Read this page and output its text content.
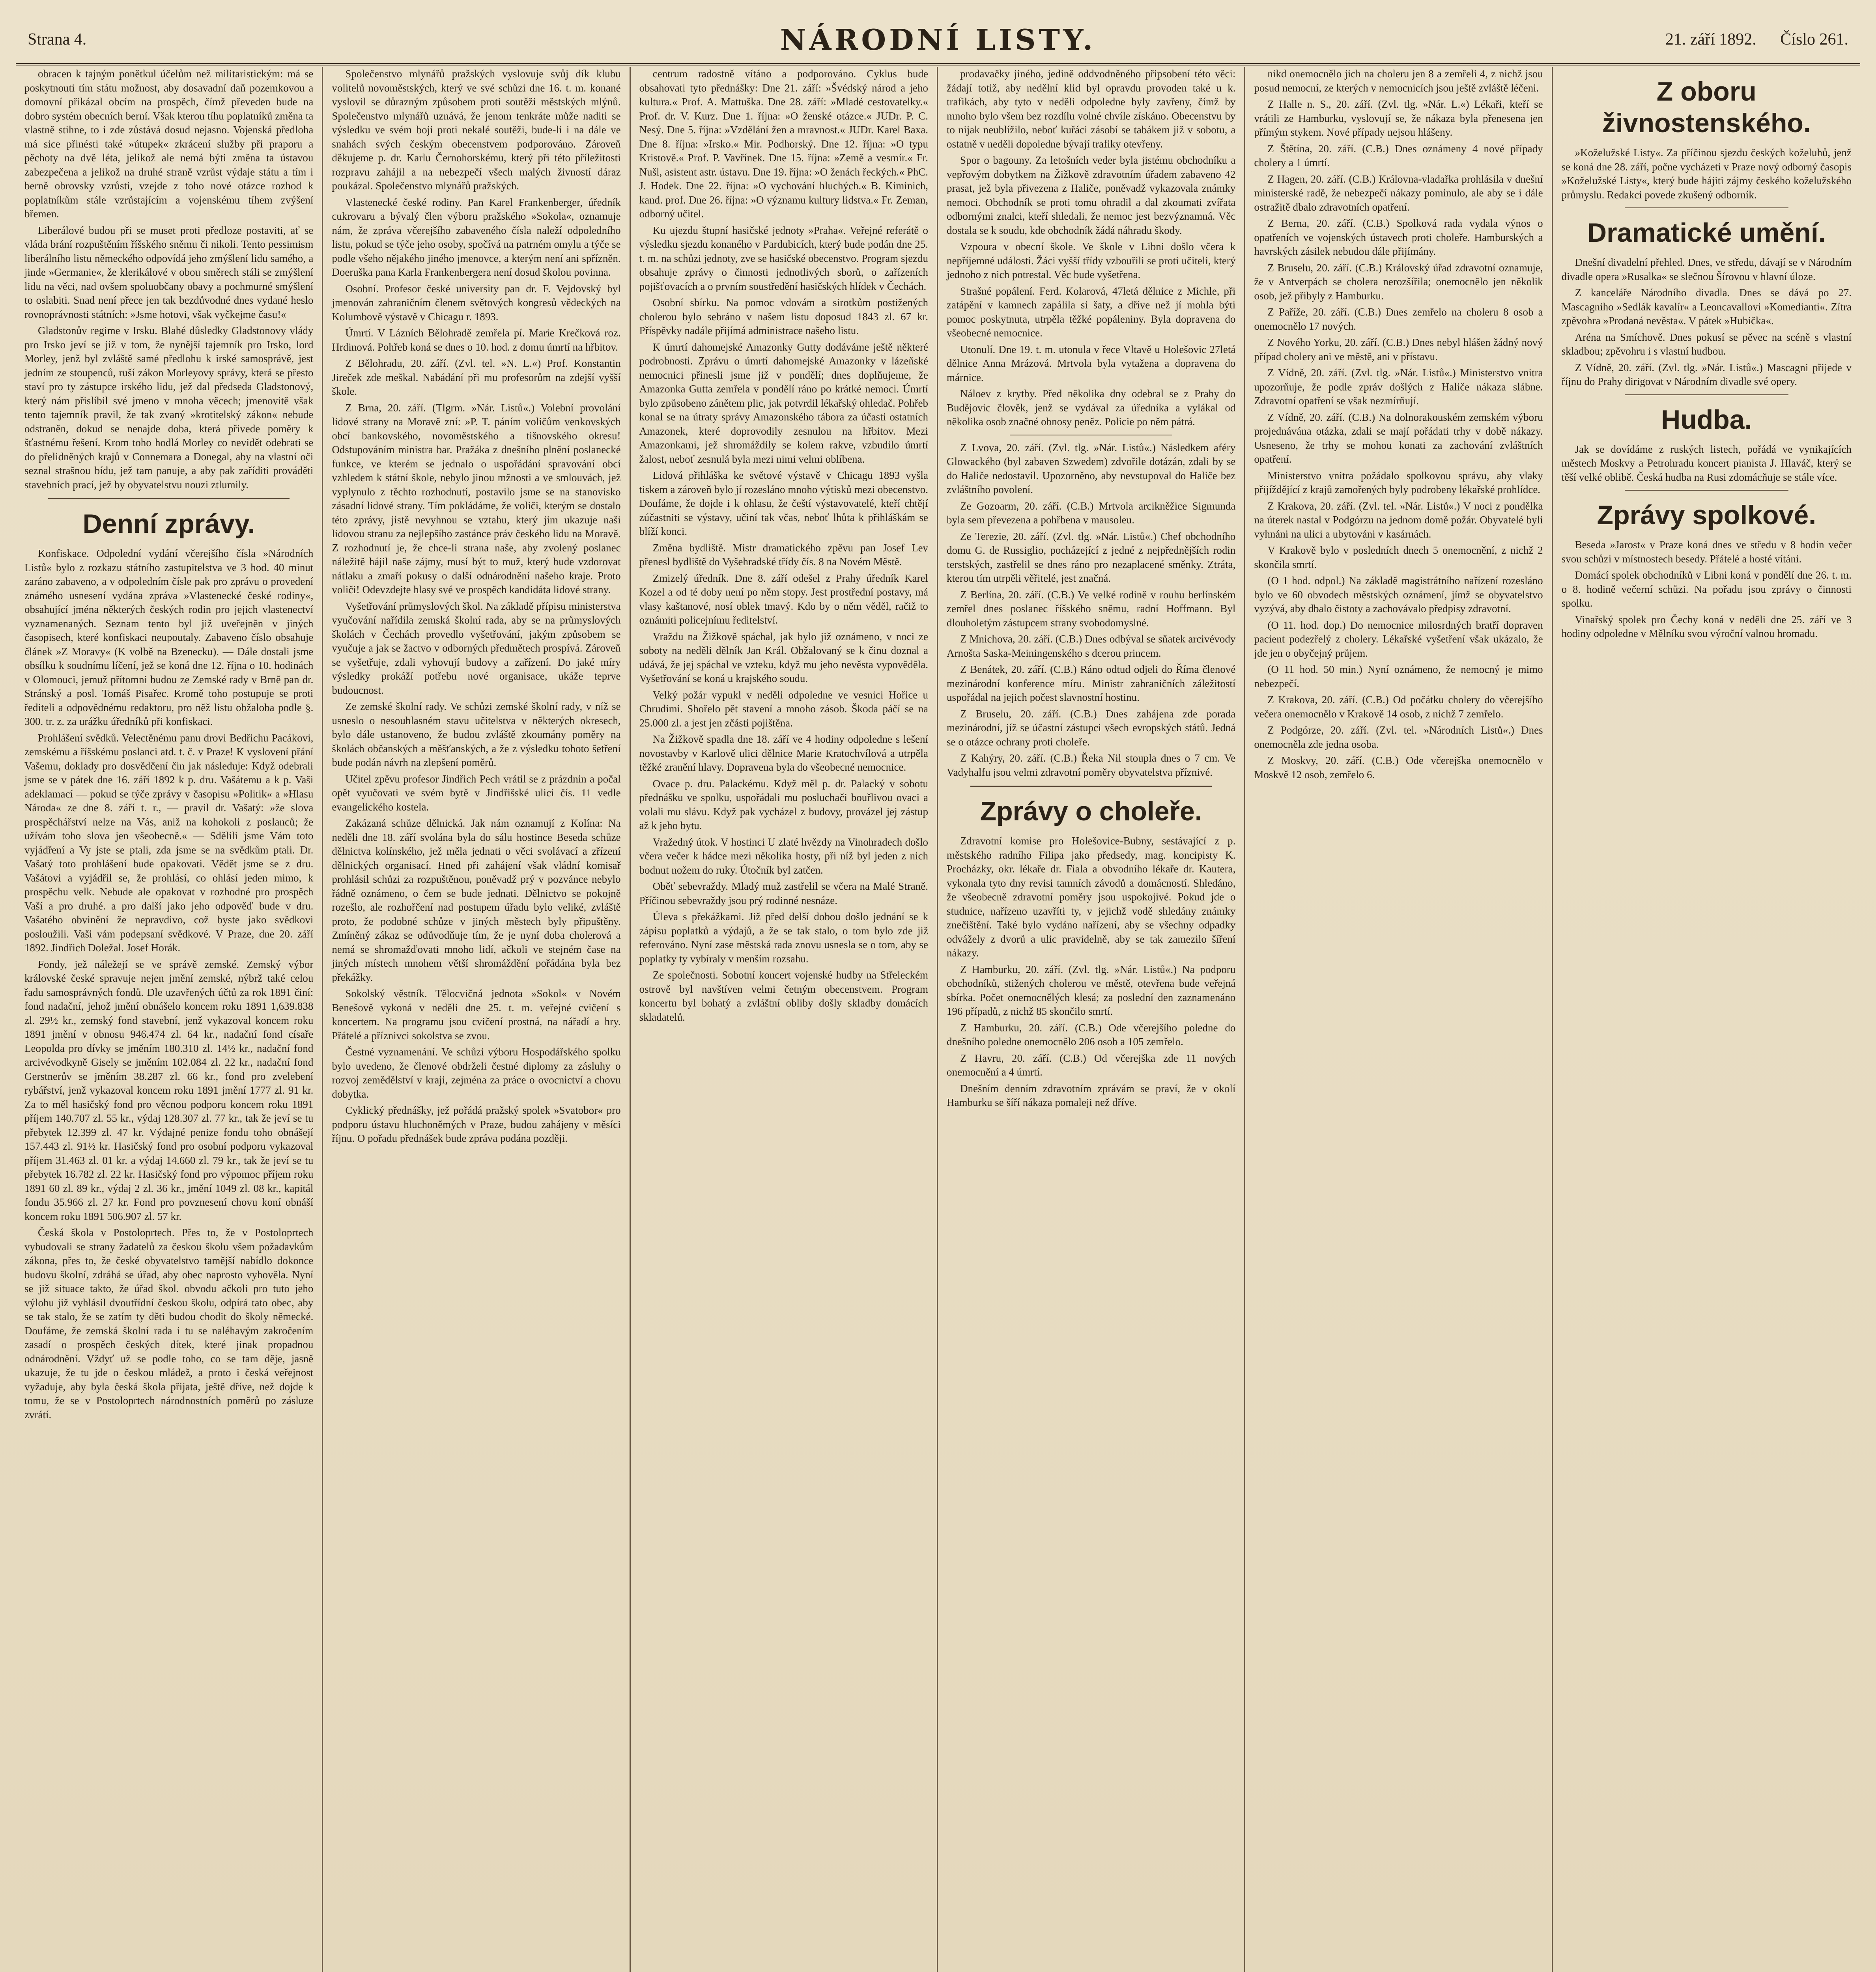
Strana 4.	NÁRODNÍ LISTY.	21. září 1892. Číslo 261.

obracen k tajným ponětkul účelům než militaristickým: má se poskytnouti tím státu možnost, aby dosavadní daň pozemkovou a domovní přikázal obcím na prospěch, čímž převeden bude na dobro systém obecních berní. Však kterou tíhu poplatníků změna ta vlastně stihne, to i zde zůstává dosud nejasno. Vojenská předloha má sice přinésti také »útupek« zkrácení služby při praporu a pěchoty na dvě léta, jelikož ale nemá býti změna ta ústavou zabezpečena a jelikož na druhé straně vzrůst výdaje státu a tím i berně obrovsky vzrůsti, vzejde z toho nové otázce rozhod k poplatníkům stále vzrůstajícím a vojenskému tíhem zvýšení břemen.

Liberálové budou při se muset proti předloze postaviti, ať se vláda brání rozpuštěním říšského sněmu či nikoli. Tento pessimism liberálního listu německého odpovídá jeho zmýšlení lidu samého, a jinde »Germanie«, že klerikálové v obou směrech stáli se zmýšlení lidu na věci, nad ovšem spoluobčany obavy a pochmurné smýšlení to oslabiti. Snad není přece jen tak bezdůvodné dnes vydané heslo rovnoprávnosti státních: »Jsme hotovi, však vyčkejme času!«

Gladstonův regime v Irsku. Blahé důsledky Gladstonovy vlády pro Irsko jeví se již v tom, že nynější tajemník pro Irsko, lord Morley, jenž byl zvláště samé předlohu k irské samosprávě, jest jedním ze stoupenců, ruší zákon Morleyovy správy, která se přesto staví pro ty zástupce irského lidu, jež dal předseda Gladstonový, který nám přislíbil své jmeno v mnoha věcech; jmenovitě však tento tajemník pravil, že tak zvaný »krotitelský zákon« nebude odstraněn, dokud se nenajde doba, která přivede poměry k šťastnému řešení. Krom toho hodlá Morley co nevidět odebrati se do přelidněných krajů v Connemara a Donegal, aby na vlastní oči seznal strašnou bídu, jež tam panuje, a aby pak zaříditi prováděti stavebních prací, jež by obyvatelstvu nouzi ztlumily.

Denní zprávy.

Konfiskace. Odpolední vydání včerejšího čísla »Národních Listů« bylo z rozkazu státního zastupitelstva ve 3 hod. 40 minut zaráno zabaveno, a v odpoledním čísle pak pro zprávu o provedení známého usnesení vydána zpráva »Vlastenecké české rodiny«, obsahující jména některých českých rodin pro jejich vlastenectví vyznamenaných. Seznam tento byl již uveřejněn v jiných časopisech, které konfiskaci neupoutaly. Zabaveno číslo obsahuje článek »Z Moravy« (K volbě na Bzenecku). — Dále dostali jsme obsílku k soudnímu líčení, jež se koná dne 12. října o 10. hodinách v Olomouci, jemuž přítomni budou ze Zemské rady v Brně pan dr. Stránský a posl. Tomáš Pisařec. Kromě toho postupuje se proti řediteli a odpovědnému redaktoru, pro něž listu obžaloba podle §. 300. tr. z. za urážku úředníků při konfiskaci.

Prohlášení svědků. Velectěnému panu drovi Bedřichu Pacákovi, zemskému a říšskému poslanci atd. t. č. v Praze! K vyslovení přání Vašemu, doklady pro dosvědčení čin jak následuje: Když odebrali jsme se v pátek dne 16. září 1892 k p. dru. Vašátemu a k p. Vaši adeklamací — pokud se týče zprávy v časopisu »Politik« a »Hlasu Národa« ze dne 8. září t. r., — pravil dr. Vašatý: »že slova prospěchářství nelze na Vás, aniž na kohokoli z poslanců; že užívám toho slova jen všeobecně.« — Sdělili jsme Vám toto vyjádření a Vy jste se ptali, zda jsme se na svědkům ptali. Dr. Vašatý toto prohlášení bude opakovati. Vědět jsme se z dru. Vašátovi a vyjádřil se, že prohlásí, co ohlásí jeden mimo, k prospěchu velk. Nebude ale opakovat v rozhodné pro prospěch Vaší a pro druhé. a pro další jako jeho odpověď bude v dru. Vašatého obvinění že nepravdivo, což byste jako svědkovi posloužili. Vaši vám podepsaní svědkové. V Praze, dne 20. září 1892. Jindřich Doležal. Josef Horák.

Fondy, jež náležejí se ve správě zemské. Zemský výbor královské české spravuje nejen jmění zemské, nýbrž také celou řadu samosprávných fondů. Dle uzavřených účtů za rok 1891 činí: fond nadační, jehož jmění obnášelo koncem roku 1891 1,639.838 zl. 29½ kr., zemský fond stavební, jenž vykazoval koncem roku 1891 jmění v obnosu 946.474 zl. 64 kr., nadační fond císaře Leopolda pro dívky se jměním 180.310 zl. 14½ kr., nadační fond arcivévodkyně Gisely se jměním 102.084 zl. 22 kr., nadační fond Gerstnerův se jměním 38.287 zl. 66 kr., fond pro zvelebení rybářství, jenž vykazoval koncem roku 1891 jmění 1777 zl. 91 kr. Za to měl hasičský fond pro věcnou podporu koncem roku 1891 příjem 140.707 zl. 55 kr., výdaj 128.307 zl. 77 kr., tak že jeví se tu přebytek 12.399 zl. 47 kr. Výdajné penize fondu toho obnášejí 157.443 zl. 91½ kr. Hasičský fond pro osobní podporu vykazoval příjem 31.463 zl. 01 kr. a výdaj 14.660 zl. 79 kr., tak že jeví se tu přebytek 16.782 zl. 22 kr. Hasičský fond pro výpomoc příjem roku 1891 60 zl. 89 kr., výdaj 2 zl. 36 kr., jmění 1049 zl. 08 kr., kapitál fondu 35.966 zl. 27 kr. Fond pro povznesení chovu koní obnáší koncem roku 1891 506.907 zl. 57 kr.

Česká škola v Postoloprtech. Přes to, že v Postoloprtech vybudovali se strany žadatelů za českou školu všem požadavkům zákona, přes to, že české obyvatelstvo tamější nabídlo dokonce budovu školní, zdráhá se úřad, aby obec naprosto vyhověla. Nyní se již situace takto, že úřad škol. obvodu ačkoli pro tuto jeho výlohu již vyhlásil dvoutřídní českou školu, odpírá tato obec, aby se tak stalo, že se zatím ty děti budou chodit do školy německé. Doufáme, že zemská školní rada i tu se naléhavým zakročením zasadí o prospěch českých dítek, které jinak propadnou odnárodnění. Vždyť už se podle toho, co se tam děje, jasně ukazuje, že tu jde o českou mládež, a proto i česká veřejnost vyžaduje, aby byla česká škola přijata, ještě dříve, než dojde k tomu, že se v Postoloprtech národnostních poměrů po zásluze zvrátí.

Společenstvo mlynářů pražských vyslovuje svůj dík klubu volitelů novoměstských, který ve své schůzi dne 16. t. m. konané vyslovil se důrazným způsobem proti soutěži městských mlýnů. Společenstvo mlynářů uznává, že jenom tenkráte může naditi se výsledku ve svém boji proti nekalé soutěži, bude-li i na dále ve snahách svých českým obecenstvem podporováno. Zároveň děkujeme p. dr. Karlu Černohorskému, který při této příležitosti rozpravu zahájil a na nebezpečí všech malých živností dáraz poukázal. Společenstvo mlynářů pražských.

Vlastenecké české rodiny. Pan Karel Frankenberger, úředník cukrovaru a bývalý člen výboru pražského »Sokola«, oznamuje nám, že zpráva včerejšího zabaveného čísla naleží odpoledního listu, pokud se týče jeho osoby, spočívá na patrném omylu a týče se podle všeho nějakého jiného jmenovce, a kterým není ani spřízněn. Doeruška pana Karla Frankenbergera není dosud školou povinna.

Osobní. Profesor české university pan dr. F. Vejdovský byl jmenován zahraničním členem světových kongresů vědeckých na Kolumbově výstavě v Chicagu r. 1893.

Úmrtí. V Lázních Bělohradě zemřela pí. Marie Krečková roz. Hrdinová. Pohřeb koná se dnes o 10. hod. z domu úmrtí na hřbitov.

Z Bělohradu, 20. září. (Zvl. tel. »N. L.«) Prof. Konstantin Jireček zde meškal. Nabádání při mu profesorům na zdejší vyšší škole.

Z Brna, 20. září. (Tlgrm. »Nár. Listů«.) Volební provolání lidové strany na Moravě zní: »P. T. páním voličům venkovských obcí bankovského, novoměstského a tišnovského okresu! Odstupováním ministra bar. Pražáka z dnešního plnění poslanecké funkce, ve kterém se jednalo o uspořádání spravování obcí vzhledem k státní škole, nebylo jinou mžnosti a ve smlouvách, jež vyplynulo z těchto rozhodnutí, postavilo jsme se na stanovisko zásadní lidové strany. Tím pokládáme, že voliči, kterým se dostalo této zprávy, jistě nevyhnou se vztahu, který jim ukazuje naši lidovou stranu za nejlepšího zastánce práv českého lidu na Moravě. Z rozhodnutí je, že chce-li strana naše, aby zvolený poslanec náležitě hájil naše zájmy, musí být to muž, který bude vzdorovat nátlaku a zmaří pokusy o další odnárodnění našeho kraje. Proto voliči! Odevzdejte hlasy své ve prospěch kandidáta lidové strany.

Vyšetřování průmyslových škol. Na základě přípisu ministerstva vyučování nařídila zemská školní rada, aby se na průmyslových školách v Čechách provedlo vyšetřování, jakým způsobem se vyučuje a jak se žactvo v odborných předmětech prospívá. Zároveň se vyšetřuje, zdali vyhovují budovy a zařízení. Do jaké míry výsledky prokáží potřebu nové organisace, ukáže teprve budoucnost.

Ze zemské školní rady. Ve schůzi zemské školní rady, v níž se usneslo o nesouhlasném stavu učitelstva v některých okresech, bylo dále ustanoveno, že budou zvláště zkoumány poměry na školách občanských a měšťanských, a že z výsledku tohoto šetření bude podán návrh na zlepšení poměrů.

Učitel zpěvu profesor Jindřich Pech vrátil se z prázdnin a počal opět vyučovati ve svém bytě v Jindřišské ulici čís. 11 vedle evangelického kostela.

Zakázaná schůze dělnická. Jak nám oznamují z Kolína: Na neděli dne 18. září svolána byla do sálu hostince Beseda schůze dělnictva kolínského, jež měla jednati o věci svolávací a zřízení dělnických organisací. Hned při zahájení však vládní komisař prohlásil schůzi za rozpuštěnou, poněvadž prý v pozvánce nebylo řádně oznámeno, o čem se bude jednati. Dělnictvo se pokojně rozešlo, ale rozhořčení nad postupem úřadu bylo veliké, zvláště proto, že podobné schůze v jiných městech byly připuštěny. Zmíněný zákaz se odůvodňuje tím, že je nyní doba cholerová a nemá se shromažďovati mnoho lidí, ačkoli ve stejném čase na jiných místech mnohem větší shromáždění pořádána byla bez překážky.

Sokolský věstník. Tělocvičná jednota »Sokol« v Novém Benešově vykoná v neděli dne 25. t. m. veřejné cvičení s koncertem. Na programu jsou cvičení prostná, na nářadí a hry. Přátelé a příznivci sokolstva se zvou.

Čestné vyznamenání. Ve schůzi výboru Hospodářského spolku bylo uvedeno, že členové obdrželi čestné diplomy za zásluhy o rozvoj zemědělství v kraji, zejména za práce o ovocnictví a chovu dobytka.

Cyklický přednášky, jež pořádá pražský spolek »Svatobor« pro podporu ústavu hluchoněmých v Praze, budou zahájeny v měsíci říjnu. O pořadu přednášek bude zpráva podána později.

centrum radostně vítáno a podporováno. Cyklus bude obsahovati tyto přednášky: Dne 21. září: »Švédský národ a jeho kultura.« Prof. A. Mattuška. Dne 28. září: »Mladé cestovatelky.« Prof. dr. V. Kurz. Dne 1. října: »O ženské otázce.« JUDr. P. C. Nesý. Dne 5. října: »Vzdělání žen a mravnost.« JUDr. Karel Baxa. Dne 8. října: »Irsko.« Mir. Podhorský. Dne 12. října: »O typu Kristově.« Prof. P. Vavřínek. Dne 15. října: »Země a vesmír.« Fr. Nušl, asistent astr. ústavu. Dne 19. října: »O ženách řeckých.« PhC. J. Hodek. Dne 22. října: »O vychování hluchých.« B. Kiminich, kand. prof. Dne 26. října: »O významu kultury lidstva.« Fr. Zeman, odborný učitel.

Ku ujezdu štupní hasičské jednoty »Praha«. Veřejné referátě o výsledku sjezdu konaného v Pardubicích, který bude podán dne 25. t. m. na schůzi jednoty, zve se hasičské obecenstvo. Program sjezdu obsahuje zprávy o činnosti jednotlivých sborů, o zařízeních pojišťovacích a o prvním soustředění hasičských hlídek v Čechách.

Osobní sbírku. Na pomoc vdovám a sirotkům postižených cholerou bylo sebráno v našem listu doposud 1843 zl. 67 kr. Příspěvky nadále přijímá administrace našeho listu.

K úmrtí dahomejské Amazonky Gutty dodáváme ještě některé podrobnosti. Zprávu o úmrtí dahomejské Amazonky v lázeňské nemocnici přinesli jsme již v pondělí; dnes doplňujeme, že Amazonka Gutta zemřela v pondělí ráno po krátké nemoci. Úmrtí bylo způsobeno zánětem plic, jak potvrdil lékařský ohledač. Pohřeb konal se na útraty správy Amazonského tábora za účasti ostatních Amazonek, které doprovodily zesnulou na hřbitov. Mezi Amazonkami, jež shromáždily se kolem rakve, vzbudilo úmrtí žalost, neboť zesnulá byla mezi nimi velmi oblíbena.

Lidová přihláška ke světové výstavě v Chicagu 1893 vyšla tiskem a zároveň bylo jí rozesláno mnoho výtisků mezi obecenstvo. Doufáme, že dojde i k ohlasu, že čeští výstavovatelé, kteří chtějí zúčastniti se výstavy, učiní tak včas, neboť lhůta k přihláškám se blíží konci.

Změna bydliště. Mistr dramatického zpěvu pan Josef Lev přenesl bydliště do Vyšehradské třídy čís. 8 na Novém Městě.

Zmizelý úředník. Dne 8. září odešel z Prahy úředník Karel Kozel a od té doby není po něm stopy. Jest prostřední postavy, má vlasy kaštanové, nosí oblek tmavý. Kdo by o něm věděl, račiž to oznámiti policejnímu ředitelství.

Vraždu na Žižkově spáchal, jak bylo již oznámeno, v noci ze soboty na neděli dělník Jan Král. Obžalovaný se k činu doznal a udává, že jej spáchal ve vzteku, když mu jeho nevěsta vypověděla. Vyšetřování se koná u krajského soudu.

Velký požár vypukl v neděli odpoledne ve vesnici Hořice u Chrudimi. Shořelo pět stavení a mnoho zásob. Škoda páčí se na 25.000 zl. a jest jen zčásti pojištěna.

Na Žižkově spadla dne 18. září ve 4 hodiny odpoledne s lešení novostavby v Karlově ulici dělnice Marie Kratochvílová a utrpěla těžké zranění hlavy. Dopravena byla do všeobecné nemocnice.

Ovace p. dru. Palackému. Když měl p. dr. Palacký v sobotu přednášku ve spolku, uspořádali mu posluchači bouřlivou ovaci a volali mu slávu. Když pak vycházel z budovy, provázel jej zástup až k jeho bytu.

Vražedný útok. V hostinci U zlaté hvězdy na Vinohradech došlo včera večer k hádce mezi několika hosty, při níž byl jeden z nich bodnut nožem do ruky. Útočník byl zatčen.

Oběť sebevraždy. Mladý muž zastřelil se včera na Malé Straně. Příčinou sebevraždy jsou prý rodinné nesnáze.

Úleva s překážkami. Již před delší dobou došlo jednání se k zápisu poplatků a výdajů, a že se tak stalo, o tom bylo zde již referováno. Nyní zase městská rada znovu usnesla se o tom, aby se poplatky ty vybíraly v menším rozsahu.

Ze společnosti. Sobotní koncert vojenské hudby na Střeleckém ostrově byl navštíven velmi četným obecenstvem. Program koncertu byl bohatý a zvláštní obliby došly skladby domácích skladatelů.

prodavačky jiného, jedině oddvodněného připsobení této věci: žádají totiž, aby nedělní klid byl opravdu provoden také u k. trafikách, aby tyto v neděli odpoledne byly zavřeny, čímž by mnoho bylo všem bez rozdílu volné chvíle získáno. Obecenstvu by to nijak neublížilo, neboť kuřáci zásobí se tabákem již v sobotu, a ostatně v neděli dopoledne bývají trafiky otevřeny.

Spor o bagouny. Za letošních veder byla jistému obchodníku a vepřovým dobytkem na Žižkově zdravotním úřadem zabaveno 42 prasat, jež byla přivezena z Haliče, poněvadž vykazovala známky nemoci. Obchodník se proti tomu ohradil a dal zkoumati zvířata odbornými znalci, kteří shledali, že nemoc jest bezvýznamná. Věc dostala se k soudu, kde obchodník žádá náhradu škody.

Vzpoura v obecní škole. Ve škole v Libni došlo včera k nepříjemné události. Žáci vyšší třídy vzbouřili se proti učiteli, který jednoho z nich potrestal. Věc bude vyšetřena.

Strašné popálení. Ferd. Kolarová, 47letá dělnice z Michle, při zatápění v kamnech zapálila si šaty, a dříve než jí mohla býti pomoc poskytnuta, utrpěla těžké popáleniny. Byla dopravena do všeobecné nemocnice.

Utonulí. Dne 19. t. m. utonula v řece Vltavě u Holešovic 27letá dělnice Anna Mrázová. Mrtvola byla vytažena a dopravena do márnice.

Náloev z krytby. Před několika dny odebral se z Prahy do Budějovic člověk, jenž se vydával za úředníka a vylákal od několika osob značné obnosy peněz. Policie po něm pátrá.

Z Lvova, 20. září. (Zvl. tlg. »Nár. Listů«.) Následkem aféry Glowackého (byl zabaven Szwedem) zdvořile dotázán, zdali by se do Haliče nedostavil. Upozorněno, aby nevstupoval do Haliče bez zvláštního povolení.

Ze Gozoarm, 20. září. (C.B.) Mrtvola arcikněžice Sigmunda byla sem převezena a pohřbena v mausoleu.

Ze Terezie, 20. září. (Zvl. tlg. »Nár. Listů«.) Chef obchodního domu G. de Russiglio, pocházející z jedné z nejpřednějších rodin terstských, zastřelil se dnes ráno pro nezaplacené směnky. Ztráta, kterou tím utrpěli věřitelé, jest značná.

Z Berlína, 20. září. (C.B.) Ve velké rodině v rouhu berlínském zemřel dnes poslanec říšského sněmu, radní Hoffmann. Byl dlouholetým zástupcem strany svobodomyslné.

Z Mnichova, 20. září. (C.B.) Dnes odbýval se sňatek arcivévody Arnošta Saska-Meiningenského s dcerou princem.

Z Benátek, 20. září. (C.B.) Ráno odtud odjeli do Říma členové mezinárodní konference míru. Ministr zahraničních záležitostí uspořádal na jejich počest slavnostní hostinu.

Z Bruselu, 20. září. (C.B.) Dnes zahájena zde porada mezinárodní, jíž se účastní zástupci všech evropských států. Jedná se o otázce ochrany proti choleře.

Z Kahýry, 20. září. (C.B.) Řeka Nil stoupla dnes o 7 cm. Ve Vadyhalfu jsou velmi zdravotní poměry obyvatelstva příznivé.

Zprávy o choleře.

Zdravotní komise pro Holešovice-Bubny, sestávající z p. městského radního Filipa jako předsedy, mag. koncipisty K. Procházky, okr. lékaře dr. Fiala a obvodního lékaře dr. Kautera, vykonala tyto dny revisi tamních závodů a domácností. Shledáno, že všeobecně zdravotní poměry jsou uspokojivé. Pokud jde o studnice, nařízeno uzavříti ty, v jejichž vodě shledány známky znečištění. Také bylo vydáno nařízení, aby se všechny odpadky odvážely z dvorů a ulic pravidelně, aby se tak zamezilo šíření nákazy.

Z Hamburku, 20. září. (Zvl. tlg. »Nár. Listů«.) Na podporu obchodníků, stižených cholerou ve městě, otevřena bude veřejná sbírka. Počet onemocnělých klesá; za poslední den zaznamenáno 196 případů, z nichž 85 skončilo smrtí.

Z Hamburku, 20. září. (C.B.) Ode včerejšího poledne do dnešního poledne onemocnělo 206 osob a 105 zemřelo.

Z Havru, 20. září. (C.B.) Od včerejška zde 11 nových onemocnění a 4 úmrtí.

Dnešním denním zdravotním zprávám se praví, že v okolí Hamburku se šíří nákaza pomaleji než dříve.

nikd onemocnělo jich na choleru jen 8 a zemřeli 4, z nichž jsou posud nemocní, ze kterých v nemocnicích jsou ještě zvláště léčeni.

Z Halle n. S., 20. září. (Zvl. tlg. »Nár. L.«) Lékaři, kteří se vrátili ze Hamburku, vyslovují se, že nákaza byla přenesena jen přímým stykem. Nové případy nejsou hlášeny.

Z Štětína, 20. září. (C.B.) Dnes oznámeny 4 nové případy cholery a 1 úmrtí.

Z Hagen, 20. září. (C.B.) Královna-vladařka prohlásila v dnešní ministerské radě, že nebezpečí nákazy pominulo, ale aby se i dále ostražitě dbalo zdravotních opatření.

Z Berna, 20. září. (C.B.) Spolková rada vydala výnos o opatřeních ve vojenských ústavech proti choleře. Hamburských a havrských zásilek nebudou dále přijímány.

Z Bruselu, 20. září. (C.B.) Královský úřad zdravotní oznamuje, že v Antverpách se cholera nerozšířila; onemocnělo jen několik osob, jež přibyly z Hamburku.

Z Paříže, 20. září. (C.B.) Dnes zemřelo na choleru 8 osob a onemocnělo 17 nových.

Z Nového Yorku, 20. září. (C.B.) Dnes nebyl hlášen žádný nový případ cholery ani ve městě, ani v přístavu.

Z Vídně, 20. září. (Zvl. tlg. »Nár. Listů«.) Ministerstvo vnitra upozorňuje, že podle zpráv došlých z Haliče nákaza slábne. Zdravotní opatření se však nezmírňují.

Z Vídně, 20. září. (C.B.) Na dolnorakouském zemském výboru projednávána otázka, zdali se mají pořádati trhy v době nákazy. Usneseno, že trhy se mohou konati za zachování zvláštních opatření.

Ministerstvo vnitra požádalo spolkovou správu, aby vlaky přijíždějící z krajů zamořených byly podrobeny lékařské prohlídce.

Z Krakova, 20. září. (Zvl. tel. »Nár. Listů«.) V noci z pondělka na úterek nastal v Podgórzu na jednom domě požár. Obyvatelé byli vyhnáni na ulici a ubytováni v kasárnách.

V Krakově bylo v posledních dnech 5 onemocnění, z nichž 2 skončila smrtí.

(O 1 hod. odpol.) Na základě magistrátního nařízení rozesláno bylo ve 60 obvodech městských oznámení, jímž se obyvatelstvo vyzývá, aby dbalo čistoty a zachovávalo předpisy zdravotní.

(O 11. hod. dop.) Do nemocnice milosrdných bratří dopraven pacient podezřelý z cholery. Lékařské vyšetření však ukázalo, že jde jen o obyčejný průjem.

(O 11 hod. 50 min.) Nyní oznámeno, že nemocný je mimo nebezpečí.

Z Krakova, 20. září. (C.B.) Od počátku cholery do včerejšího večera onemocnělo v Krakově 14 osob, z nichž 7 zemřelo.

Z Podgórze, 20. září. (Zvl. tel. »Národních Listů«.) Dnes onemocněla zde jedna osoba.

Z Moskvy, 20. září. (C.B.) Ode včerejška onemocnělo v Moskvě 12 osob, zemřelo 6.

Z oboru živnostenského.

»Koželužské Listy«. Za příčinou sjezdu českých koželuhů, jenž se koná dne 28. září, počne vycházeti v Praze nový odborný časopis »Koželužské Listy«, který bude hájiti zájmy českého koželužského průmyslu. Redakci povede zkušený odborník.

Dramatické umění.

Dnešní divadelní přehled. Dnes, ve středu, dávají se v Národním divadle opera »Rusalka« se slečnou Šírovou v hlavní úloze.

Z kanceláře Národního divadla. Dnes se dává po 27. Mascagniho »Sedlák kavalír« a Leoncavallovi »Komedianti«. Zítra zpěvohra »Prodaná nevěsta«. V pátek »Hubička«.

Aréna na Smíchově. Dnes pokusí se pěvec na scéně s vlastní skladbou; zpěvohru i s vlastní hudbou.

Z Vídně, 20. září. (Zvl. tlg. »Nár. Listů«.) Mascagni přijede v říjnu do Prahy dirigovat v Národním divadle své opery.

Hudba.

Jak se dovídáme z ruských listech, pořádá ve vynikajících městech Moskvy a Petrohradu koncert pianista J. Hlaváč, který se těší velké oblibě. Česká hudba na Rusi zdomácňuje se stále více.

Zprávy spolkové.

Beseda »Jarost« v Praze koná dnes ve středu v 8 hodin večer svou schůzi v místnostech besedy. Přátelé a hosté vítáni.

Domácí spolek obchodníků v Libni koná v pondělí dne 26. t. m. o 8. hodině večerní schůzi. Na pořadu jsou zprávy o činnosti spolku.

Vinařský spolek pro Čechy koná v neděli dne 25. září ve 3 hodiny odpoledne v Mělníku svou výroční valnou hromadu.
